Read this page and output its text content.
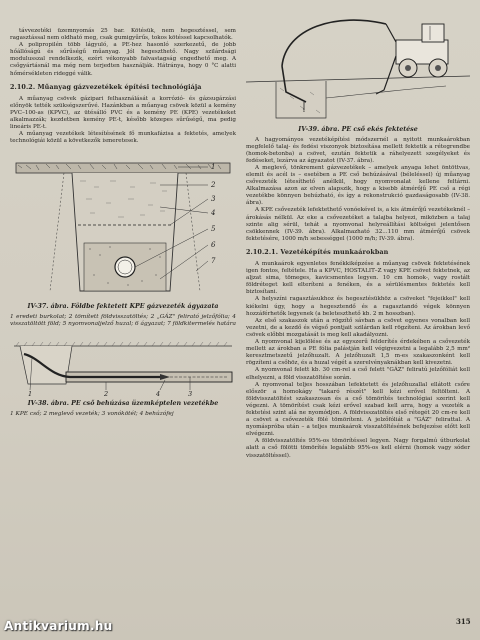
távvezetéki üzemnyomás 25 bar. Kötésük, nem hegesztéssel, sem ragasztással nem oldható meg, csak gumigyűrűs, tokos kötéssel kapcsolhatók.

A polipropilén több lágyuló, a PE-hez hasonló szerkezetű, de jobb hőállóságú és sűrűségű műanyag. Jól hegeszthető. Nagy szilárdsági modulusszal rendelkezik, ezért vékonyabb falvastagság engedhető meg. A csőgyártásnál ma még nem terjedten használják. Hátránya, hogy 0 °C alatti hőmérsékleten rideggé válik.

2.10.2. Műanyag gázvezetékek építési technológiája

A műanyag csövek gázipari felhasználását a korrózió- és gázsugárzási előnyök tették szükségszerűvé. Hazánkban a műanyag csövek közül a kemény PVC–100-as (KPVC), az ütésálló PVC és a kemény PE (KPE) vezetékeket alkalmazzák; kezdetben kemény PE-t, később közepes sűrűségű, ma pedig lineáris PE-t.

A műanyag vezetékek létesítésének fő munkafázisa a fektetés, amelyek technológiái közül a következők ismeretesek.

1
2
3
4
5
6
7
IV-37. ábra. Földbe fektetett KPE gázvezeték ágyazata
1 eredeti burkolat; 2 tömített földvisszatöltés; 2 „GÁZ" felirató jelzőfólia; 4 visszatöltött föld; 5 nyomvonaljelző huzal; 6 ágyazat; 7 földkitermelés határa
1	2	3
4
IV-38. ábra. PE cső behúzása üzemképtelen vezetékbe
1 KPE cső; 2 meglevő vezeték; 3 vonókötél; 4 behúzófej
1
IV-39. ábra. PE cső ekés fektetése

A hagyományos vezetéképítési módszernél a nyitott munkaárokban megfelelő talaj- és fedési viszonyok biztosítása mellett fektetik a rétegrendbe (homok-betonba) a csövet, ezután fektetik a ráhelyezett szegélyeket és fedéseket, lezárva az ágyazatot (IV-37. ábra).

A meglevő, tönkrement gázvezetékek – amelyek anyaga lehet öntöttvas, elemit és acél is – esetében a PE cső behúzásával (béleléssel) új műanyag csővezeték létesíthető anélkül, hogy nyomvonalat kellene feltárni. Alkalmazása azon az elven alapszik, hogy a kisebb átmérőjű PE cső a régi vezetékbe könnyen behúzható, és így a rekonstrukció gazdaságosabb (IV-38. ábra).

A KPE csővezeték lefektethető vonóekével is, a kis átmérőjű vezetékeknél – árokásás nélkül. Az eke a csővezetéket a talajba helyezi, miközben a talaj szinte alig sérül, tehát a nyomvonal helyreállítási költségei jelentősen csökkennek (IV-39. ábra). Alkalmazható 32...110 mm átmérőjű csövek fektetésére, 1000 m/h sebességgel (1000 m/h; IV-39. ábra).

2.10.2.1. Vezetéképítés munkaárokban

A munkaárok egyenletes fenékkiképzése a műanyag csövek fektetésének igen fontos, feltétele. Ha a KPVC, HOSTALIT–Z vagy KPE csövet fektetnek, az aljzat sima, tömeges, kavicsmentes legyen. 10 cm homok-, vagy rostált földréteget kell elteríteni a fenéken, és a sérülésmentes fektetés kell biztosítani.

A helyszíni ragasztásukhoz és hegesztésükhöz a csöveket "fejeikkel" kell kiékelni úgy, hogy a hegesztendő és a ragasztandó végek könnyen hozzáférhetők legyenek (a beleteszthető kb. 2 m hosszban).

Az első szakaszok után a rögzítő sávban a csövet egyenes vonalban kell vezetni, de a kezdő és végső pontjait szilárdan kell rögzíteni. Az árokban levő csövek előbbi mozgatását is meg kell akadályozni.

A nyomvonal kijelölése és az egyszerű felderítés érdekében a csővezeték mellett az árokban a PE fólia palástján kell végigvezetni a legalább 2,5 mm² keresztmetszetű jelzőhuzalt. A jelzőhuzalt 1,5 m-es szakaszonként kell rögzíteni a csőhöz, és a huzal végét a szerelvényaknákban kell kivezetni.

A nyomvonal felett kb. 30 cm-rel a cső felett "GÁZ" feliratú jelzőfóliát kell elhelyezni, a föld visszatöltése során.

A nyomvonal teljes hosszában lefektetett és jelzőhuzallal ellátott csőre először a homokágy "takaró részét" kell kézi erővel feltölteni. A földvisszatöltést szakaszosan és a cső tömörítés technológiai szerint kell végezni. A tömörítést csak kézi erővel szabad kell arra, hogy a vezeték a fektetési szint alá ne nyomódjon. A földvisszatöltés első rétegét 20 cm-re kell a csövet a csővezeték fölé tömöríteni. A jelzőfóliát a "GÁZ" felirattal. A nyomáspróba után – a teljes munkaárok visszatöltésének befejezése előtt kell elvégezni.

A földvisszatöltés 95%-os tömörítéssel legyen. Nagy forgalmú útburkolat alatt a cső fölötti tömörítés legalább 95%-os kell elérni (homok vagy sóder visszatöltéssel).

315
Antikvarium.hu
